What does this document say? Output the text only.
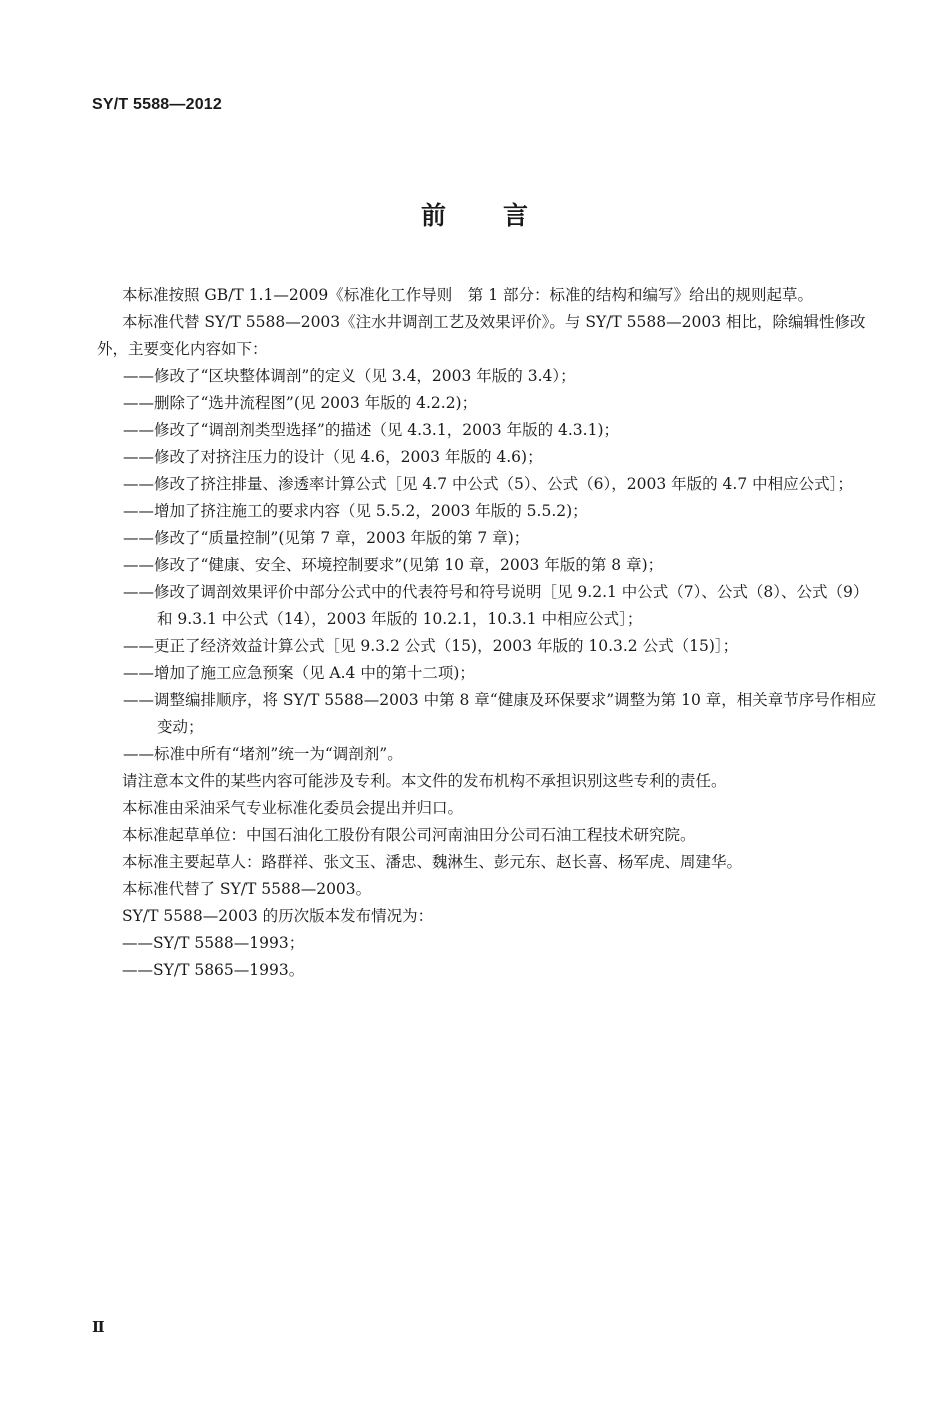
SY/T 5588—2012
前 言

本标准按照 GB/T 1.1—2009《标准化工作导则　第 1 部分：标准的结构和编写》给出的规则起草。

本标准代替 SY/T 5588—2003《注水井调剖工艺及效果评价》。与 SY/T 5588—2003 相比，除编辑性修改外，主要变化内容如下：

——修改了“区块整体调剖”的定义（见 3.4，2003 年版的 3.4）；

——删除了“选井流程图”(见 2003 年版的 4.2.2)；

——修改了“调剖剂类型选择”的描述（见 4.3.1，2003 年版的 4.3.1)；

——修改了对挤注压力的设计（见 4.6，2003 年版的 4.6)；

——修改了挤注排量、渗透率计算公式［见 4.7 中公式（5）、公式（6），2003 年版的 4.7 中相应公式］；

——增加了挤注施工的要求内容（见 5.5.2，2003 年版的 5.5.2)；

——修改了“质量控制”(见第 7 章，2003 年版的第 7 章)；

——修改了“健康、安全、环境控制要求”(见第 10 章，2003 年版的第 8 章)；

——修改了调剖效果评价中部分公式中的代表符号和符号说明［见 9.2.1 中公式（7）、公式（8）、公式（9）和 9.3.1 中公式（14），2003 年版的 10.2.1，10.3.1 中相应公式］；

——更正了经济效益计算公式［见 9.3.2 公式（15)，2003 年版的 10.3.2 公式（15)］；

——增加了施工应急预案（见 A.4 中的第十二项)；

——调整编排顺序，将 SY/T 5588—2003 中第 8 章“健康及环保要求”调整为第 10 章，相关章节序号作相应变动；

——标准中所有“堵剂”统一为“调剖剂”。

请注意本文件的某些内容可能涉及专利。本文件的发布机构不承担识别这些专利的责任。

本标准由采油采气专业标准化委员会提出并归口。

本标准起草单位：中国石油化工股份有限公司河南油田分公司石油工程技术研究院。

本标准主要起草人：路群祥、张文玉、潘忠、魏淋生、彭元东、赵长喜、杨军虎、周建华。

本标准代替了 SY/T 5588—2003。

SY/T 5588—2003 的历次版本发布情况为：

——SY/T 5588—1993；

——SY/T 5865—1993。

Ⅱ
